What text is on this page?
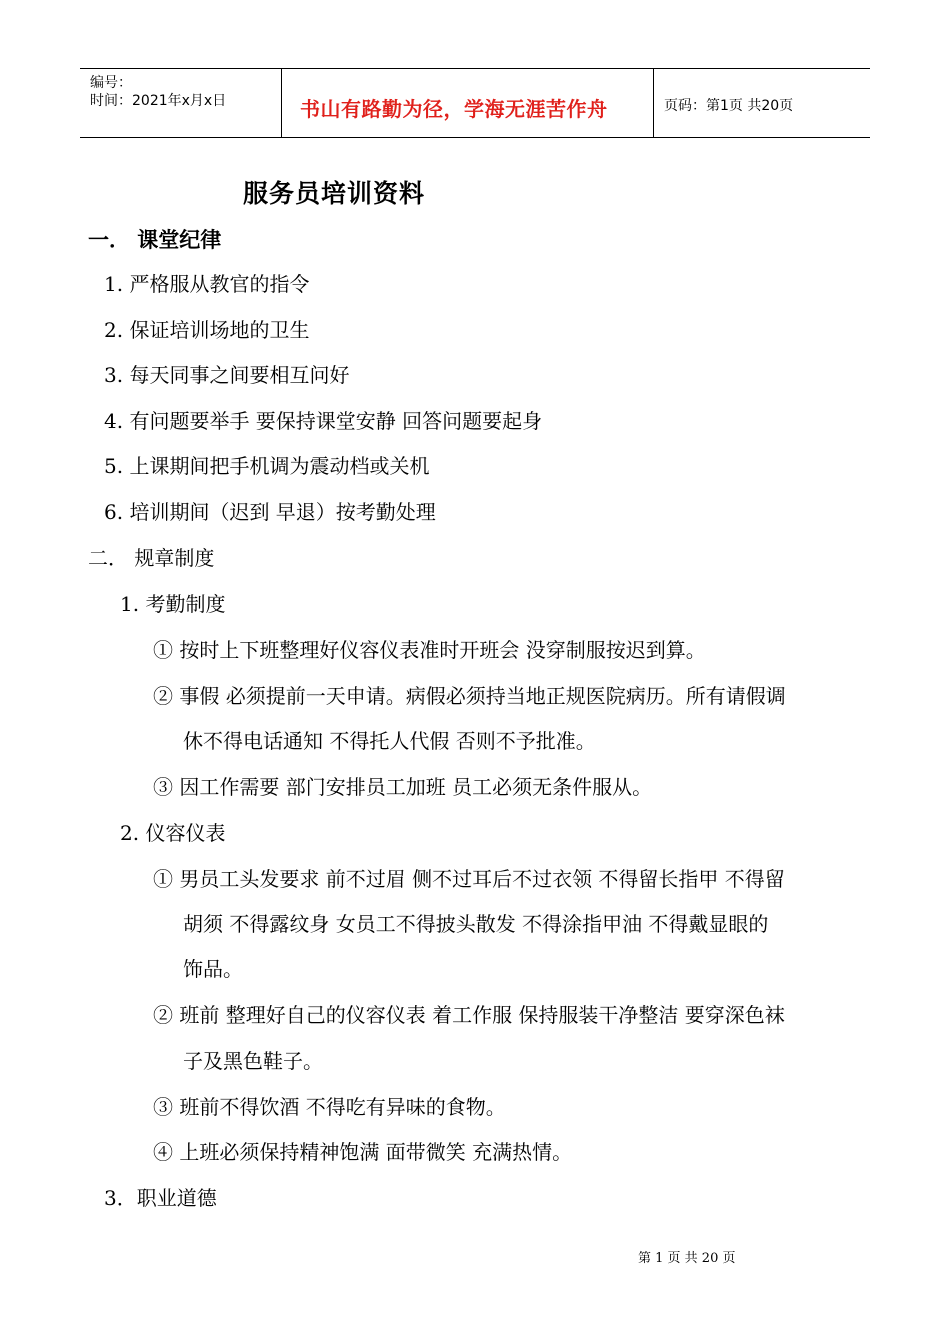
编号：
时间：2021年x月x日	书山有路勤为径，学海无涯苦作舟	页码：第1页 共20页
服务员培训资料
一． 课堂纪律
1. 严格服从教官的指令
2. 保证培训场地的卫生
3. 每天同事之间要相互问好
4. 有问题要举手 要保持课堂安静 回答问题要起身
5. 上课期间把手机调为震动档或关机
6. 培训期间（迟到 早退）按考勤处理
二． 规章制度
1. 考勤制度
① 按时上下班整理好仪容仪表准时开班会 没穿制服按迟到算。
② 事假 必须提前一天申请。病假必须持当地正规医院病历。所有请假调
休不得电话通知 不得托人代假 否则不予批准。
③ 因工作需要 部门安排员工加班 员工必须无条件服从。
2. 仪容仪表
① 男员工头发要求 前不过眉 侧不过耳后不过衣领 不得留长指甲 不得留
胡须 不得露纹身 女员工不得披头散发 不得涂指甲油 不得戴显眼的
饰品。
② 班前 整理好自己的仪容仪表 着工作服 保持服装干净整洁 要穿深色袜
子及黑色鞋子。
③ 班前不得饮酒 不得吃有异味的食物。
④ 上班必须保持精神饱满 面带微笑 充满热情。
3．职业道德
第 1 页 共 20 页
